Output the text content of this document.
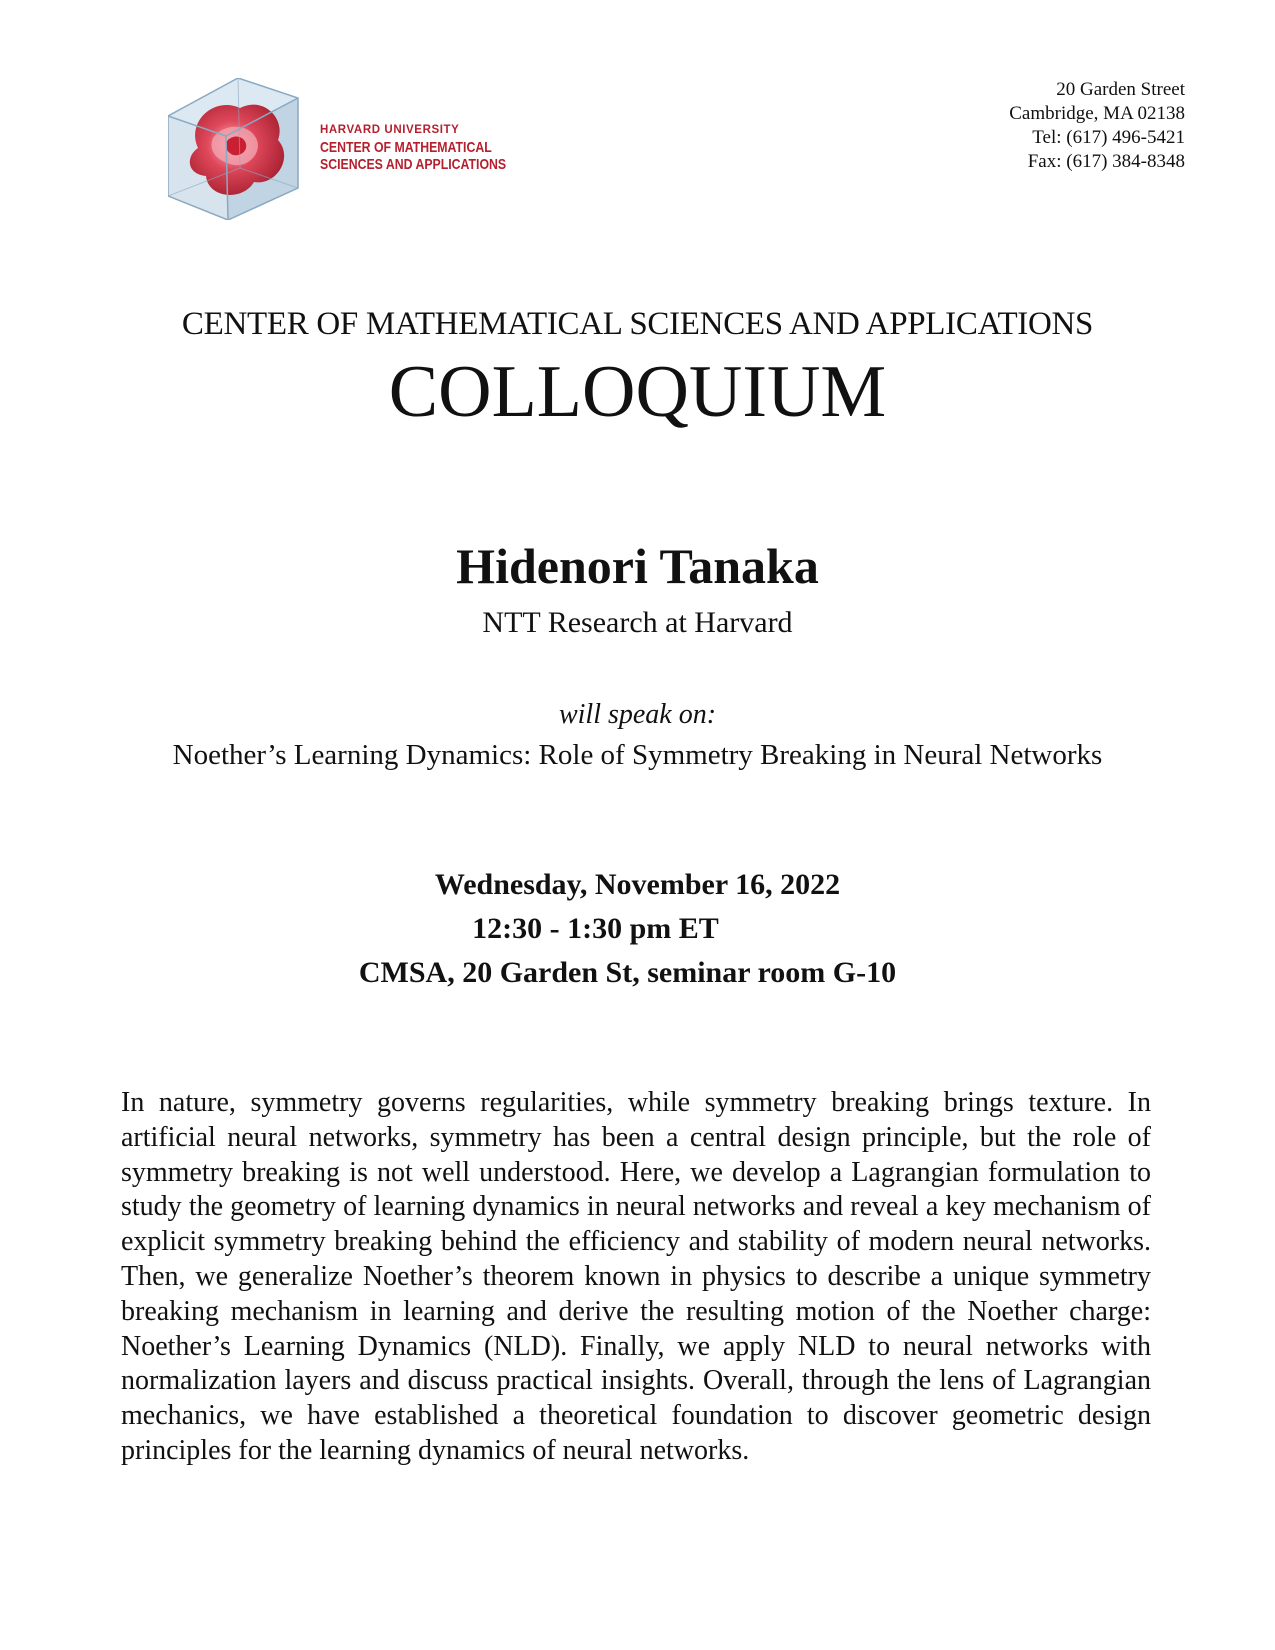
HARVARD UNIVERSITY
CENTER OF MATHEMATICAL
SCIENCES AND APPLICATIONS
20 Garden Street
Cambridge, MA 02138
Tel: (617) 496-5421
Fax: (617) 384-8348
CENTER OF MATHEMATICAL SCIENCES AND APPLICATIONS
COLLOQUIUM
Hidenori Tanaka
NTT Research at Harvard
will speak on:
Noether’s Learning Dynamics: Role of Symmetry Breaking in Neural Networks
Wednesday, November 16, 2022
12:30 - 1:30 pm ET
CMSA, 20 Garden St, seminar room G-10
In nature, symmetry governs regularities, while symmetry breaking brings texture. In artificial neural networks, symmetry has been a central design principle, but the role of symmetry breaking is not well understood. Here, we develop a Lagrangian formulation to study the geometry of learning dynamics in neural networks and reveal a key mechanism of explicit symmetry breaking behind the efficiency and stability of modern neural networks. Then, we generalize Noether’s theorem known in physics to describe a unique symmetry breaking mechanism in learning and derive the resulting motion of the Noether charge: Noether’s Learning Dynamics (NLD). Finally, we apply NLD to neural networks with normalization layers and discuss practical insights. Overall, through the lens of Lagrangian mechanics, we have established a theoretical foundation to discover geometric design principles for the learning dynamics of neural networks.
